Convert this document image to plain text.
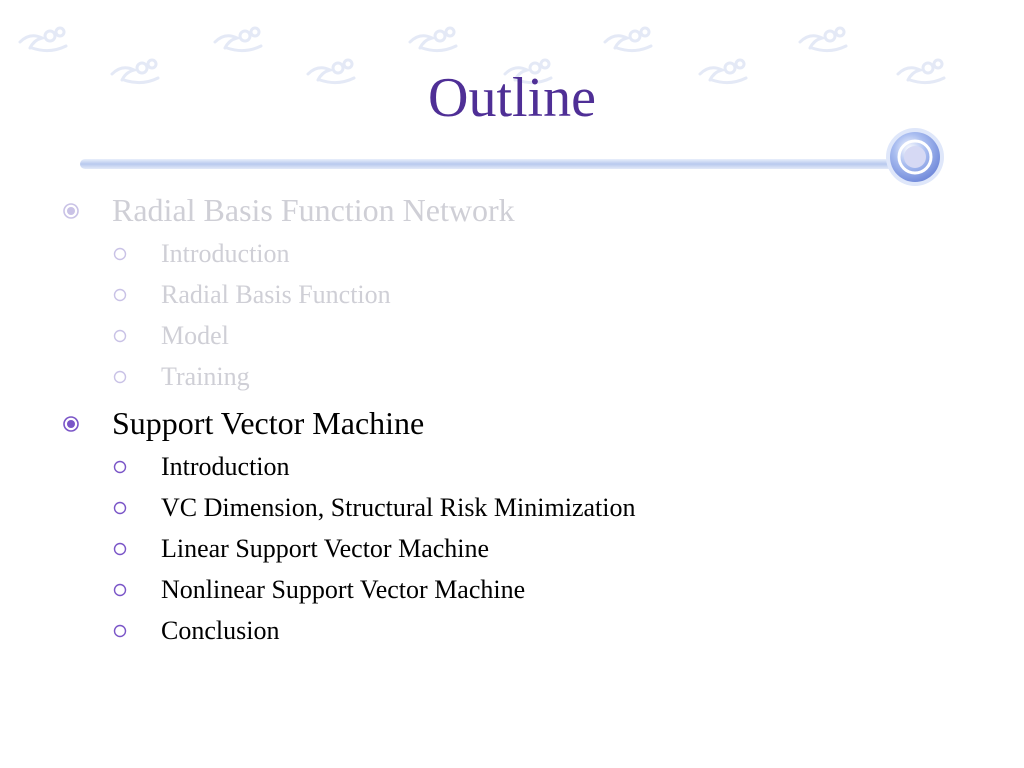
Outline
Radial Basis Function Network
Introduction
Radial Basis Function
Model
Training
Support Vector Machine
Introduction
VC Dimension, Structural Risk Minimization
Linear Support Vector Machine
Nonlinear Support Vector Machine
Conclusion
